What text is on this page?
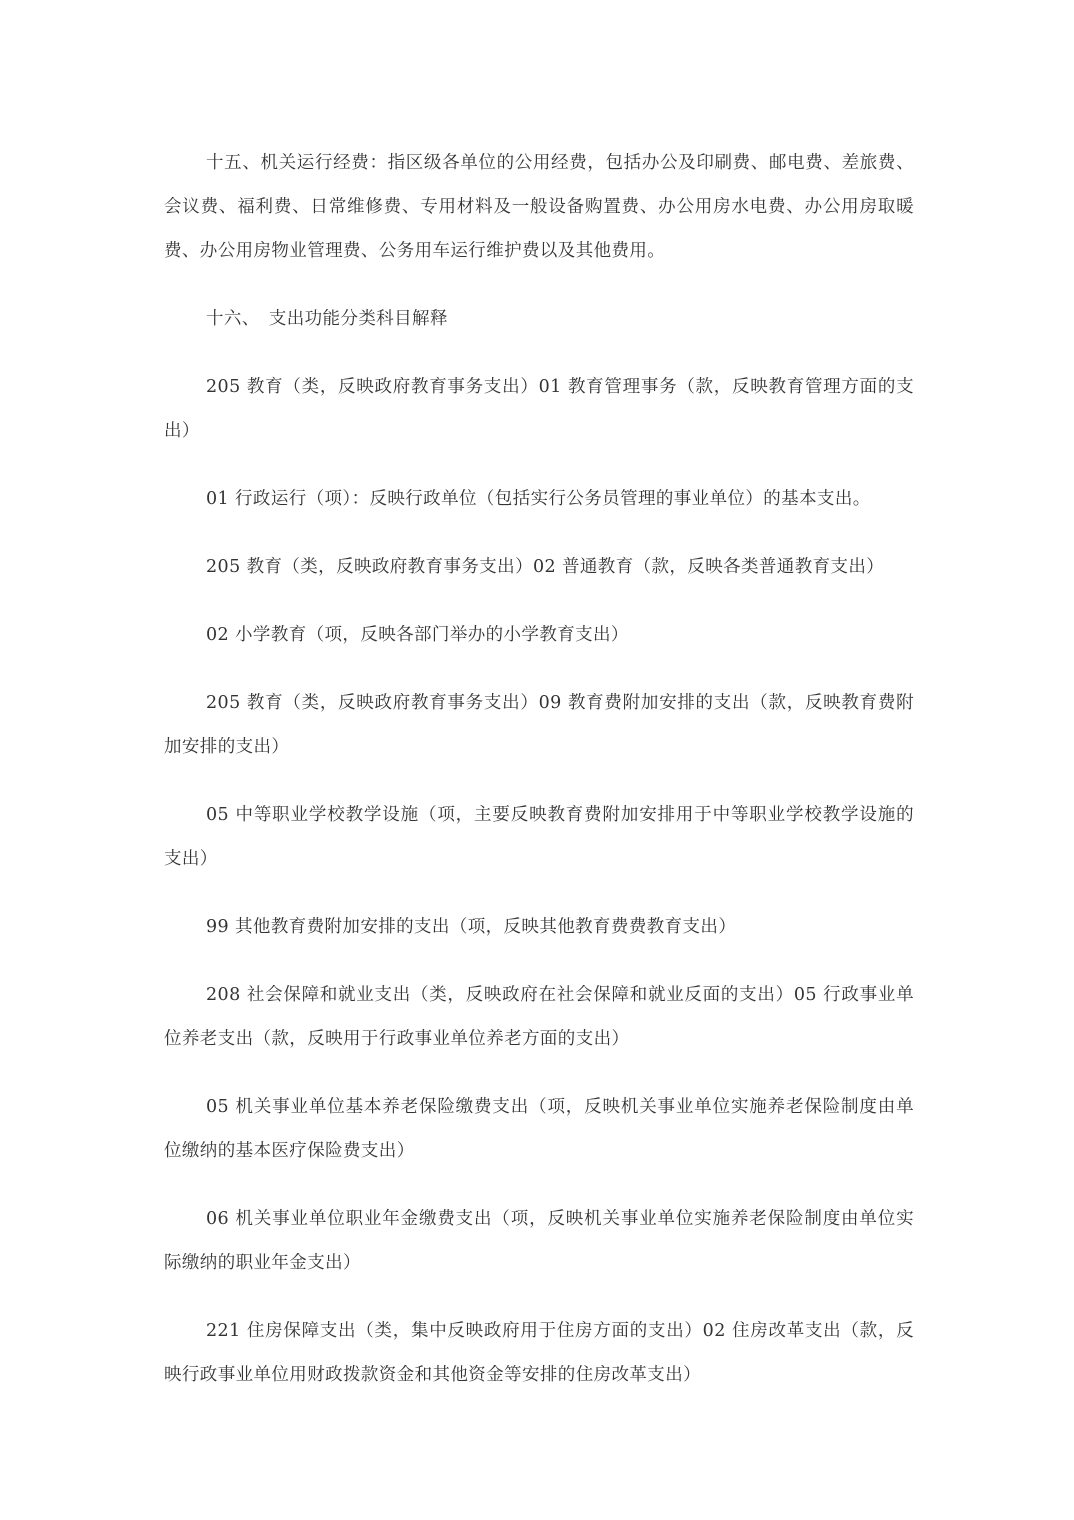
十五、机关运行经费：指区级各单位的公用经费，包括办公及印刷费、邮电费、差旅费、会议费、福利费、日常维修费、专用材料及一般设备购置费、办公用房水电费、办公用房取暖费、办公用房物业管理费、公务用车运行维护费以及其他费用。

十六、　支出功能分类科目解释

205 教育（类，反映政府教育事务支出）01 教育管理事务（款，反映教育管理方面的支出）

01 行政运行（项）：反映行政单位（包括实行公务员管理的事业单位）的基本支出。

205 教育（类，反映政府教育事务支出）02 普通教育（款，反映各类普通教育支出）

02 小学教育（项，反映各部门举办的小学教育支出）

205 教育（类，反映政府教育事务支出）09 教育费附加安排的支出（款，反映教育费附加安排的支出）

05 中等职业学校教学设施（项，主要反映教育费附加安排用于中等职业学校教学设施的支出）

99 其他教育费附加安排的支出（项，反映其他教育费费教育支出）

208 社会保障和就业支出（类，反映政府在社会保障和就业反面的支出）05 行政事业单位养老支出（款，反映用于行政事业单位养老方面的支出）

05 机关事业单位基本养老保险缴费支出（项，反映机关事业单位实施养老保险制度由单位缴纳的基本医疗保险费支出）

06 机关事业单位职业年金缴费支出（项，反映机关事业单位实施养老保险制度由单位实际缴纳的职业年金支出）

221 住房保障支出（类，集中反映政府用于住房方面的支出）02 住房改革支出（款，反映行政事业单位用财政拨款资金和其他资金等安排的住房改革支出）
